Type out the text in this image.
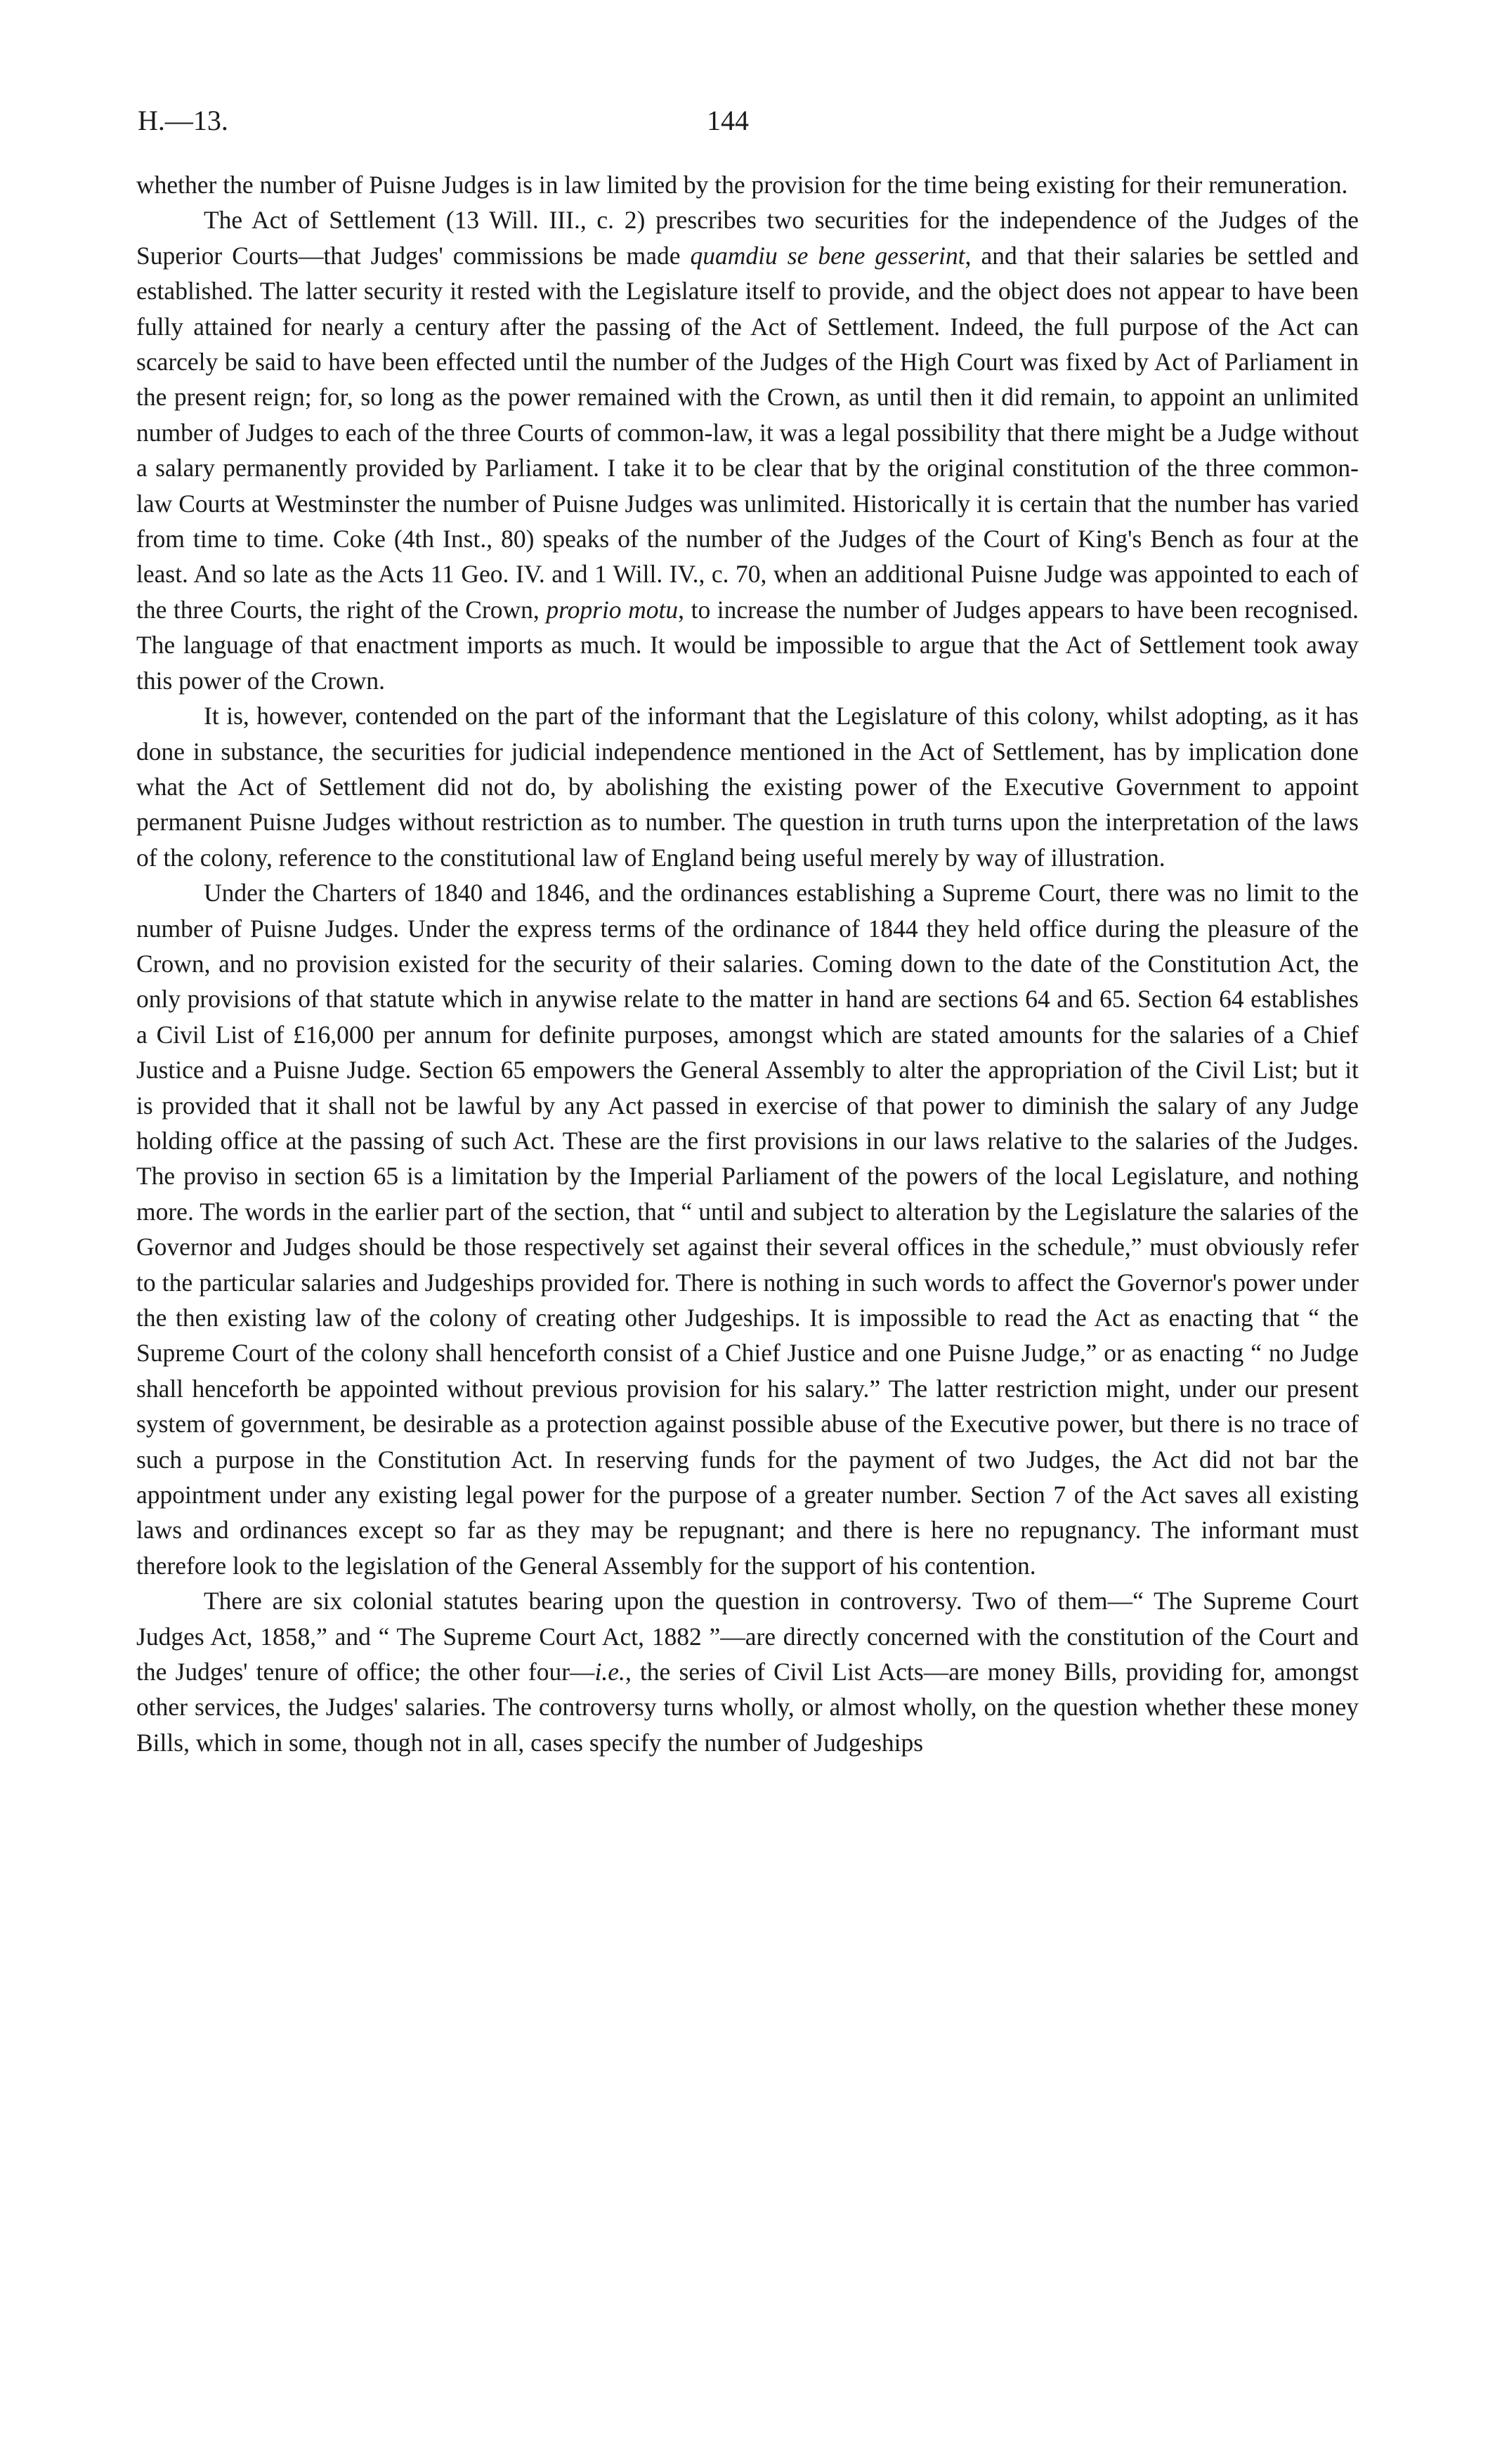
H.—13.	144

whether the number of Puisne Judges is in law limited by the provision for the time being existing for their remuneration.

The Act of Settlement (13 Will. III., c. 2) prescribes two securities for the independence of the Judges of the Superior Courts—that Judges' commissions be made quamdiu se bene gesserint, and that their salaries be settled and established. The latter security it rested with the Legislature itself to provide, and the object does not appear to have been fully attained for nearly a century after the passing of the Act of Settlement. Indeed, the full purpose of the Act can scarcely be said to have been effected until the number of the Judges of the High Court was fixed by Act of Parliament in the present reign; for, so long as the power remained with the Crown, as until then it did remain, to appoint an unlimited number of Judges to each of the three Courts of common-law, it was a legal possibility that there might be a Judge without a salary permanently provided by Parliament. I take it to be clear that by the original constitution of the three common-law Courts at Westminster the number of Puisne Judges was unlimited. Historically it is certain that the number has varied from time to time. Coke (4th Inst., 80) speaks of the number of the Judges of the Court of King's Bench as four at the least. And so late as the Acts 11 Geo. IV. and 1 Will. IV., c. 70, when an additional Puisne Judge was appointed to each of the three Courts, the right of the Crown, proprio motu, to increase the number of Judges appears to have been recognised. The language of that enactment imports as much. It would be impossible to argue that the Act of Settlement took away this power of the Crown.

It is, however, contended on the part of the informant that the Legislature of this colony, whilst adopting, as it has done in substance, the securities for judicial independence mentioned in the Act of Settlement, has by implication done what the Act of Settlement did not do, by abolishing the existing power of the Executive Government to appoint permanent Puisne Judges without restriction as to number. The question in truth turns upon the interpretation of the laws of the colony, reference to the constitutional law of England being useful merely by way of illustration.

Under the Charters of 1840 and 1846, and the ordinances establishing a Supreme Court, there was no limit to the number of Puisne Judges. Under the express terms of the ordinance of 1844 they held office during the pleasure of the Crown, and no provision existed for the security of their salaries. Coming down to the date of the Constitution Act, the only provisions of that statute which in anywise relate to the matter in hand are sections 64 and 65. Section 64 establishes a Civil List of £16,000 per annum for definite purposes, amongst which are stated amounts for the salaries of a Chief Justice and a Puisne Judge. Section 65 empowers the General Assembly to alter the appropriation of the Civil List; but it is provided that it shall not be lawful by any Act passed in exercise of that power to diminish the salary of any Judge holding office at the passing of such Act. These are the first provisions in our laws relative to the salaries of the Judges. The proviso in section 65 is a limitation by the Imperial Parliament of the powers of the local Legislature, and nothing more. The words in the earlier part of the section, that “ until and subject to alteration by the Legislature the salaries of the Governor and Judges should be those respectively set against their several offices in the schedule,” must obviously refer to the particular salaries and Judgeships provided for. There is nothing in such words to affect the Governor's power under the then existing law of the colony of creating other Judgeships. It is impossible to read the Act as enacting that “ the Supreme Court of the colony shall henceforth consist of a Chief Justice and one Puisne Judge,” or as enacting “ no Judge shall henceforth be appointed without previous provision for his salary.” The latter restriction might, under our present system of government, be desirable as a protection against possible abuse of the Executive power, but there is no trace of such a purpose in the Constitution Act. In reserving funds for the payment of two Judges, the Act did not bar the appointment under any existing legal power for the purpose of a greater number. Section 7 of the Act saves all existing laws and ordinances except so far as they may be repugnant; and there is here no repugnancy. The informant must therefore look to the legislation of the General Assembly for the support of his contention.

There are six colonial statutes bearing upon the question in controversy. Two of them—“ The Supreme Court Judges Act, 1858,” and “ The Supreme Court Act, 1882 ”—are directly concerned with the constitution of the Court and the Judges' tenure of office; the other four—i.e., the series of Civil List Acts—are money Bills, providing for, amongst other services, the Judges' salaries. The controversy turns wholly, or almost wholly, on the question whether these money Bills, which in some, though not in all, cases specify the number of Judgeships
